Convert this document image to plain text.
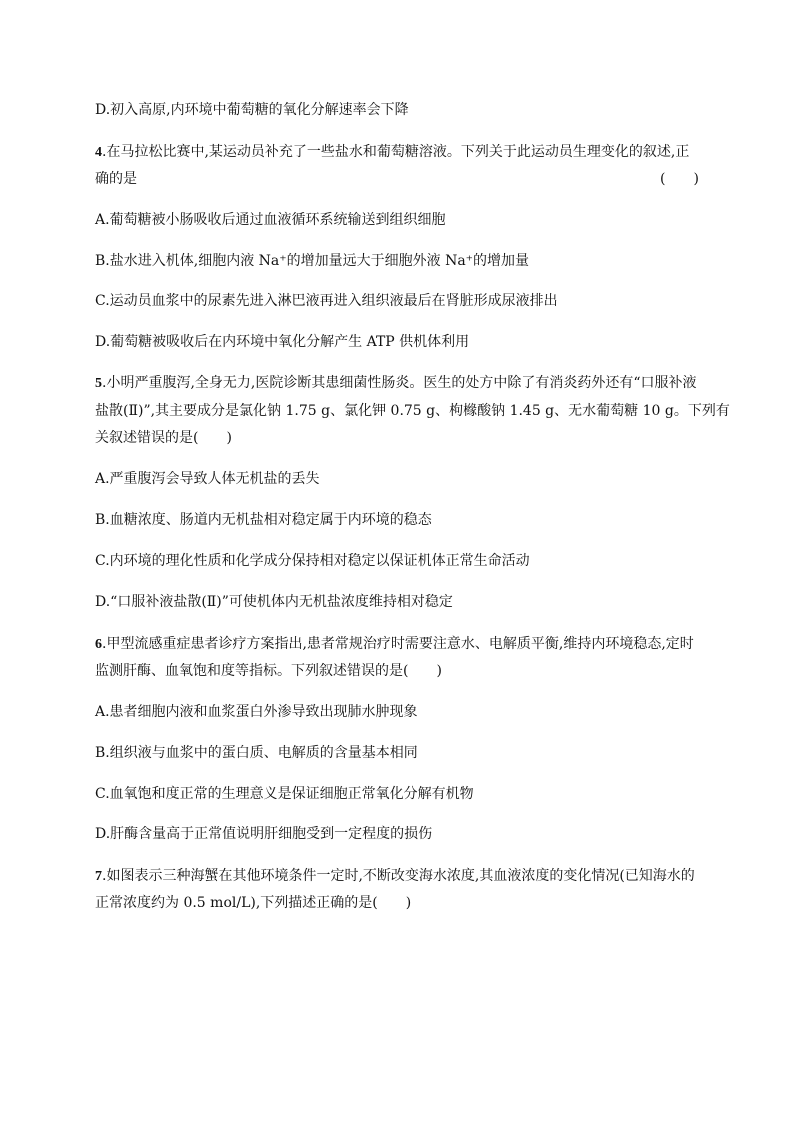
D.初入高原,内环境中葡萄糖的氧化分解速率会下降
4.在马拉松比赛中,某运动员补充了一些盐水和葡萄糖溶液。下列关于此运动员生理变化的叙述,正
确的是	(　　)
A.葡萄糖被小肠吸收后通过血液循环系统输送到组织细胞
B.盐水进入机体,细胞内液 Na⁺的增加量远大于细胞外液 Na⁺的增加量
C.运动员血浆中的尿素先进入淋巴液再进入组织液最后在肾脏形成尿液排出
D.葡萄糖被吸收后在内环境中氧化分解产生 ATP 供机体利用
5.小明严重腹泻,全身无力,医院诊断其患细菌性肠炎。医生的处方中除了有消炎药外还有“口服补液
盐散(Ⅱ)”,其主要成分是氯化钠 1.75 g、氯化钾 0.75 g、枸橼酸钠 1.45 g、无水葡萄糖 10 g。下列有
关叙述错误的是(　　)
A.严重腹泻会导致人体无机盐的丢失
B.血糖浓度、肠道内无机盐相对稳定属于内环境的稳态
C.内环境的理化性质和化学成分保持相对稳定以保证机体正常生命活动
D.“口服补液盐散(Ⅱ)”可使机体内无机盐浓度维持相对稳定
6.甲型流感重症患者诊疗方案指出,患者常规治疗时需要注意水、电解质平衡,维持内环境稳态,定时
监测肝酶、血氧饱和度等指标。下列叙述错误的是(　　)
A.患者细胞内液和血浆蛋白外渗导致出现肺水肿现象
B.组织液与血浆中的蛋白质、电解质的含量基本相同
C.血氧饱和度正常的生理意义是保证细胞正常氧化分解有机物
D.肝酶含量高于正常值说明肝细胞受到一定程度的损伤
7.如图表示三种海蟹在其他环境条件一定时,不断改变海水浓度,其血液浓度的变化情况(已知海水的
正常浓度约为 0.5 mol/L),下列描述正确的是(　　)
